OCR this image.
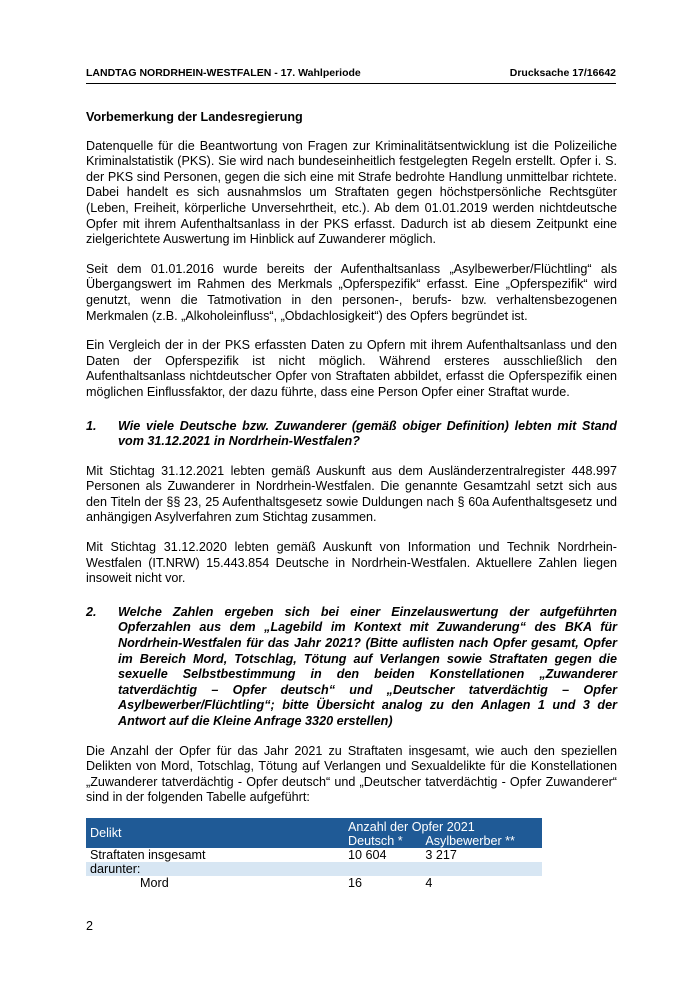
LANDTAG NORDRHEIN-WESTFALEN - 17. Wahlperiode	Drucksache 17/16642

Vorbemerkung der Landesregierung

Datenquelle für die Beantwortung von Fragen zur Kriminalitätsentwicklung ist die Polizeiliche Kriminalstatistik (PKS). Sie wird nach bundeseinheitlich festgelegten Regeln erstellt. Opfer i. S. der PKS sind Personen, gegen die sich eine mit Strafe bedrohte Handlung unmittelbar richtete. Dabei handelt es sich ausnahmslos um Straftaten gegen höchstpersönliche Rechtsgüter (Leben, Freiheit, körperliche Unversehrtheit, etc.). Ab dem 01.01.2019 werden nichtdeutsche Opfer mit ihrem Aufenthaltsanlass in der PKS erfasst. Dadurch ist ab diesem Zeitpunkt eine zielgerichtete Auswertung im Hinblick auf Zuwanderer möglich.

Seit dem 01.01.2016 wurde bereits der Aufenthaltsanlass „Asylbewerber/Flüchtling“ als Übergangswert im Rahmen des Merkmals „Opferspezifik“ erfasst. Eine „Opferspezifik“ wird genutzt, wenn die Tatmotivation in den personen-, berufs- bzw. verhaltensbezogenen Merkmalen (z.B. „Alkoholeinfluss“, „Obdachlosigkeit“) des Opfers begründet ist.

Ein Vergleich der in der PKS erfassten Daten zu Opfern mit ihrem Aufenthaltsanlass und den Daten der Opferspezifik ist nicht möglich. Während ersteres ausschließlich den Aufenthaltsanlass nichtdeutscher Opfer von Straftaten abbildet, erfasst die Opferspezifik einen möglichen Einflussfaktor, der dazu führte, dass eine Person Opfer einer Straftat wurde.

1.	Wie viele Deutsche bzw. Zuwanderer (gemäß obiger Definition) lebten mit Stand vom 31.12.2021 in Nordrhein-Westfalen?

Mit Stichtag 31.12.2021 lebten gemäß Auskunft aus dem Ausländerzentralregister 448.997 Personen als Zuwanderer in Nordrhein-Westfalen. Die genannte Gesamtzahl setzt sich aus den Titeln der §§ 23, 25 Aufenthaltsgesetz sowie Duldungen nach § 60a Aufenthaltsgesetz und anhängigen Asylverfahren zum Stichtag zusammen.

Mit Stichtag 31.12.2020 lebten gemäß Auskunft von Information und Technik Nordrhein-Westfalen (IT.NRW) 15.443.854 Deutsche in Nordrhein-Westfalen. Aktuellere Zahlen liegen insoweit nicht vor.

2.	Welche Zahlen ergeben sich bei einer Einzelauswertung der aufgeführten Opferzahlen aus dem „Lagebild im Kontext mit Zuwanderung“ des BKA für Nordrhein-Westfalen für das Jahr 2021? (Bitte auflisten nach Opfer gesamt, Opfer im Bereich Mord, Totschlag, Tötung auf Verlangen sowie Straftaten gegen die sexuelle Selbstbestimmung in den beiden Konstellationen „Zuwanderer tatverdächtig – Opfer deutsch“ und „Deutscher tatverdächtig – Opfer Asylbewerber/Flüchtling“; bitte Übersicht analog zu den Anlagen 1 und 3 der Antwort auf die Kleine Anfrage 3320 erstellen)

Die Anzahl der Opfer für das Jahr 2021 zu Straftaten insgesamt, wie auch den speziellen Delikten von Mord, Totschlag, Tötung auf Verlangen und Sexualdelikte für die Konstellationen „Zuwanderer tatverdächtig - Opfer deutsch“ und „Deutscher tatverdächtig - Opfer Zuwanderer“ sind in der folgenden Tabelle aufgeführt:

Delikt	Anzahl der Opfer 2021	
	Deutsch *	Asylbewerber **
Straftaten insgesamt	10 604	3 217
darunter:		
Mord	16	4
2
